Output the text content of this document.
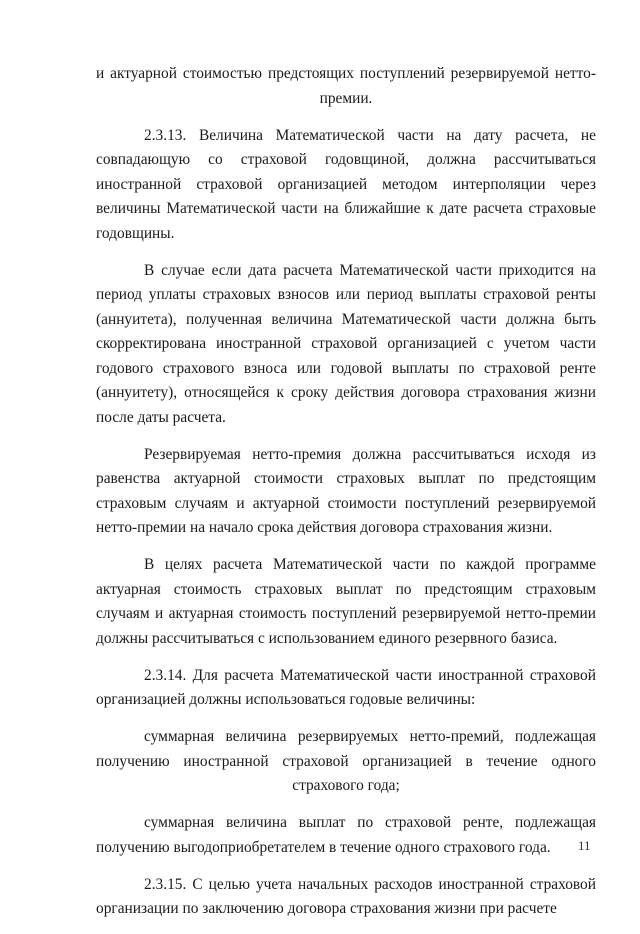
и актуарной стоимостью предстоящих поступлений резервируемой нетто-премии.

2.3.13. Величина Математической части на дату расчета, не совпадающую со страховой годовщиной, должна рассчитываться иностранной страховой организацией методом интерполяции через величины Математической части на ближайшие к дате расчета страховые годовщины.

В случае если дата расчета Математической части приходится на период уплаты страховых взносов или период выплаты страховой ренты (аннуитета), полученная величина Математической части должна быть скорректирована иностранной страховой организацией с учетом части годового страхового взноса или годовой выплаты по страховой ренте (аннуитету), относящейся к сроку действия договора страхования жизни после даты расчета.

Резервируемая нетто-премия должна рассчитываться исходя из равенства актуарной стоимости страховых выплат по предстоящим страховым случаям и актуарной стоимости поступлений резервируемой нетто-премии на начало срока действия договора страхования жизни.

В целях расчета Математической части по каждой программе актуарная стоимость страховых выплат по предстоящим страховым случаям и актуарная стоимость поступлений резервируемой нетто-премии должны рассчитываться с использованием единого резервного базиса.

2.3.14. Для расчета Математической части иностранной страховой организацией должны использоваться годовые величины:

суммарная величина резервируемых нетто-премий, подлежащая получению иностранной страховой организацией в течение одного страхового года;

суммарная величина выплат по страховой ренте, подлежащая получению выгодоприобретателем в течение одного страхового года.

2.3.15. С целью учета начальных расходов иностранной страховой организации по заключению договора страхования жизни при расчете

11
